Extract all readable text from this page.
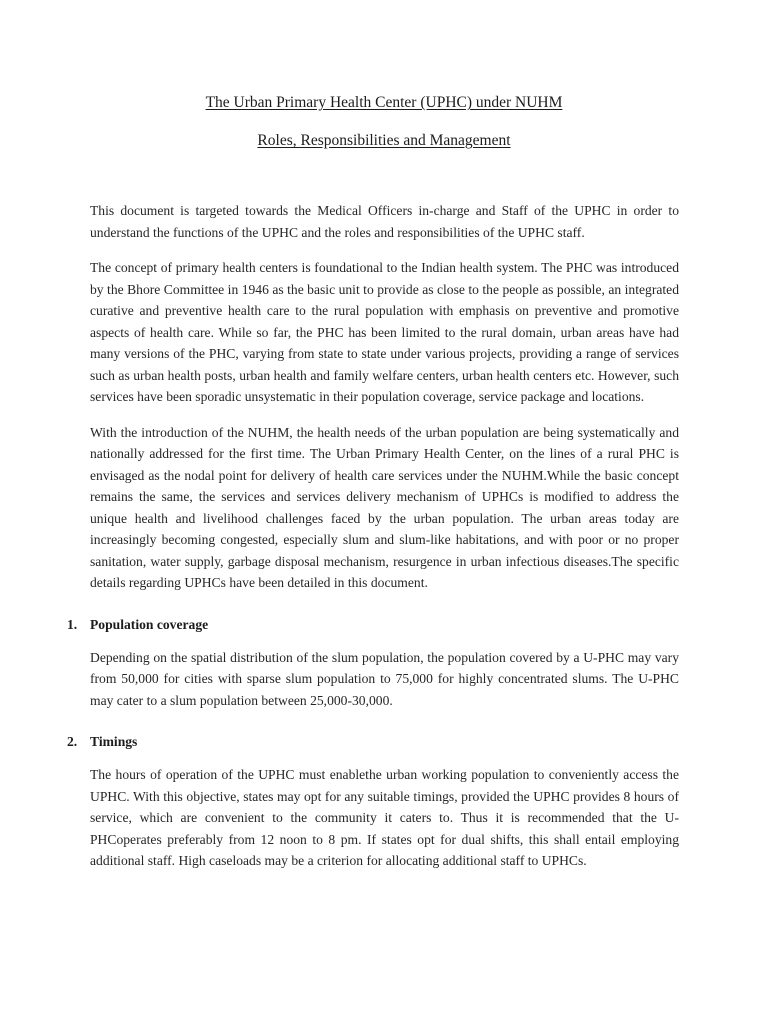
The Urban Primary Health Center (UPHC) under NUHM
Roles, Responsibilities and Management

This document is targeted towards the Medical Officers in-charge and Staff of the UPHC in order to understand the functions of the UPHC and the roles and responsibilities of the UPHC staff.

The concept of primary health centers is foundational to the Indian health system. The PHC was introduced by the Bhore Committee in 1946 as the basic unit to provide as close to the people as possible, an integrated curative and preventive health care to the rural population with emphasis on preventive and promotive aspects of health care. While so far, the PHC has been limited to the rural domain, urban areas have had many versions of the PHC, varying from state to state under various projects, providing a range of services such as urban health posts, urban health and family welfare centers, urban health centers etc. However, such services have been sporadic unsystematic in their population coverage, service package and locations.

With the introduction of the NUHM, the health needs of the urban population are being systematically and nationally addressed for the first time. The Urban Primary Health Center, on the lines of a rural PHC is envisaged as the nodal point for delivery of health care services under the NUHM.While the basic concept remains the same, the services and services delivery mechanism of UPHCs is modified to address the unique health and livelihood challenges faced by the urban population. The urban areas today are increasingly becoming congested, especially slum and slum-like habitations, and with poor or no proper sanitation, water supply, garbage disposal mechanism, resurgence in urban infectious diseases.The specific details regarding UPHCs have been detailed in this document.

1. Population coverage

Depending on the spatial distribution of the slum population, the population covered by a U-PHC may vary from 50,000 for cities with sparse slum population to 75,000 for highly concentrated slums. The U-PHC may cater to a slum population between 25,000-30,000.

2. Timings

The hours of operation of the UPHC must enablethe urban working population to conveniently access the UPHC. With this objective, states may opt for any suitable timings, provided the UPHC provides 8 hours of service, which are convenient to the community it caters to. Thus it is recommended that the U-PHCoperates preferably from 12 noon to 8 pm. If states opt for dual shifts, this shall entail employing additional staff. High caseloads may be a criterion for allocating additional staff to UPHCs.
